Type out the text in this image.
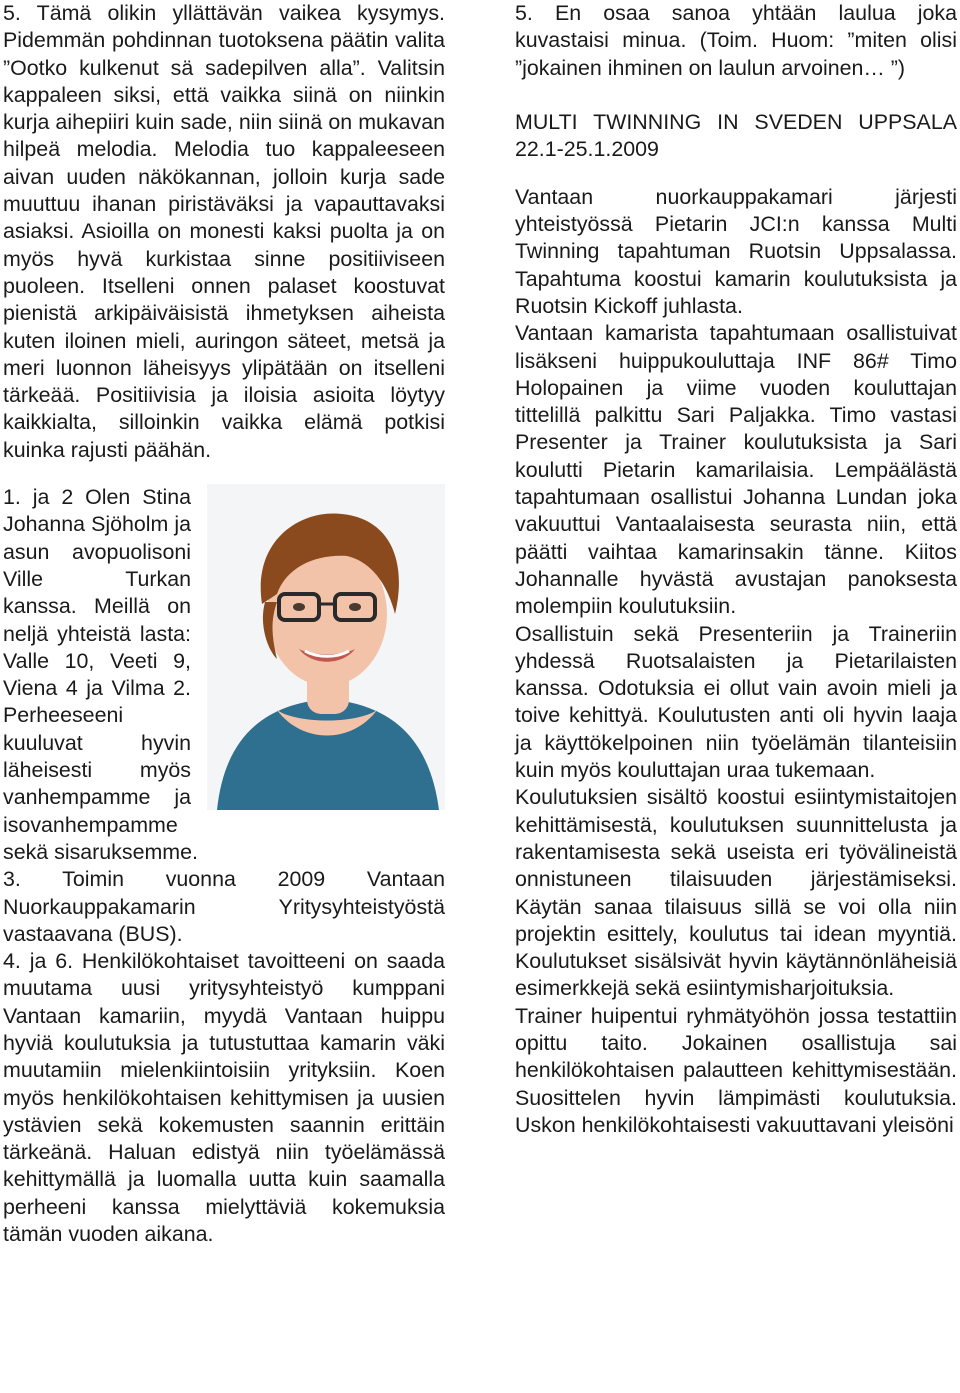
5. Tämä olikin yllättävän vaikea kysymys. Pidemmän pohdinnan tuotoksena päätin valita ”Ootko kulkenut sä sadepilven alla”. Valitsin kappaleen siksi, että vaikka siinä on niinkin kurja aihepiiri kuin sade, niin siinä on mukavan hilpeä melodia. Melodia tuo kappaleeseen aivan uuden näkökannan, jolloin kurja sade muuttuu ihanan piristäväksi ja vapauttavaksi asiaksi. Asioilla on monesti kaksi puolta ja on myös hyvä kurkistaa sinne positiiviseen puoleen. Itselleni onnen palaset koostuvat pienistä arkipäiväisistä ihmetyksen aiheista kuten iloinen mieli, auringon säteet, metsä ja meri luonnon läheisyys ylipätään on itselleni tärkeää. Positiivisia ja iloisia asioita löytyy kaikkialta, silloinkin vaikka elämä potkisi kuinka rajusti päähän.

1. ja 2 Olen Stina Johanna Sjöholm ja asun avopuolisoni Ville Turkan kanssa. Meillä on neljä yhteistä lasta: Valle 10, Veeti 9, Viena 4 ja Vilma 2. Perheeseeni kuuluvat hyvin läheisesti myös vanhempamme ja isovanhempamme sekä sisaruksemme.

3. Toimin vuonna 2009 Vantaan Nuorkauppakamarin Yritysyhteistyöstä vastaavana (BUS).

4. ja 6. Henkilökohtaiset tavoitteeni on saada muutama uusi yritysyhteistyö kumppani Vantaan kamariin, myydä Vantaan huippu hyviä koulutuksia ja tutustuttaa kamarin väki muutamiin mielenkiintoisiin yrityksiin. Koen myös henkilökohtaisen kehittymisen ja uusien ystävien sekä kokemusten saannin erittäin tärkeänä. Haluan edistyä niin työelämässä kehittymällä ja luomalla uutta kuin saamalla perheeni kanssa mielyttäviä kokemuksia tämän vuoden aikana.

5. En osaa sanoa yhtään laulua joka kuvastaisi minua. (Toim. Huom: ”miten olisi ”jokainen ihminen on laulun arvoinen… ”)

MULTI TWINNING IN SVEDEN UPPSALA 22.1-25.1.2009

Vantaan nuorkauppakamari järjesti yhteistyössä Pietarin JCI:n kanssa Multi Twinning tapahtuman Ruotsin Uppsalassa. Tapahtuma koostui kamarin koulutuksista ja Ruotsin Kickoff juhlasta.

Vantaan kamarista tapahtumaan osallistuivat lisäkseni huippukouluttaja INF 86# Timo Holopainen ja viime vuoden kouluttajan tittelillä palkittu Sari Paljakka. Timo vastasi Presenter ja Trainer koulutuksista ja Sari koulutti Pietarin kamarilaisia. Lempäälästä tapahtumaan osallistui Johanna Lundan joka vakuuttui Vantaalaisesta seurasta niin, että päätti vaihtaa kamarinsakin tänne. Kiitos Johannalle hyvästä avustajan panoksesta molempiin koulutuksiin.

Osallistuin sekä Presenteriin ja Traineriin yhdessä Ruotsalaisten ja Pietarilaisten kanssa. Odotuksia ei ollut vain avoin mieli ja toive kehittyä. Koulutusten anti oli hyvin laaja ja käyttökelpoinen niin työelämän tilanteisiin kuin myös kouluttajan uraa tukemaan.

Koulutuksien sisältö koostui esiintymistaitojen kehittämisestä, koulutuksen suunnittelusta ja rakentamisesta sekä useista eri työvälineistä onnistuneen tilaisuuden järjestämiseksi. Käytän sanaa tilaisuus sillä se voi olla niin projektin esittely, koulutus tai idean myyntiä. Koulutukset sisälsivät hyvin käytännönläheisiä esimerkkejä sekä esiintymisharjoituksia.

Trainer huipentui ryhmätyöhön jossa testattiin opittu taito. Jokainen osallistuja sai henkilökohtaisen palautteen kehittymisestään. Suosittelen hyvin lämpimästi koulutuksia. Uskon henkilökohtaisesti vakuuttavani yleisöni
